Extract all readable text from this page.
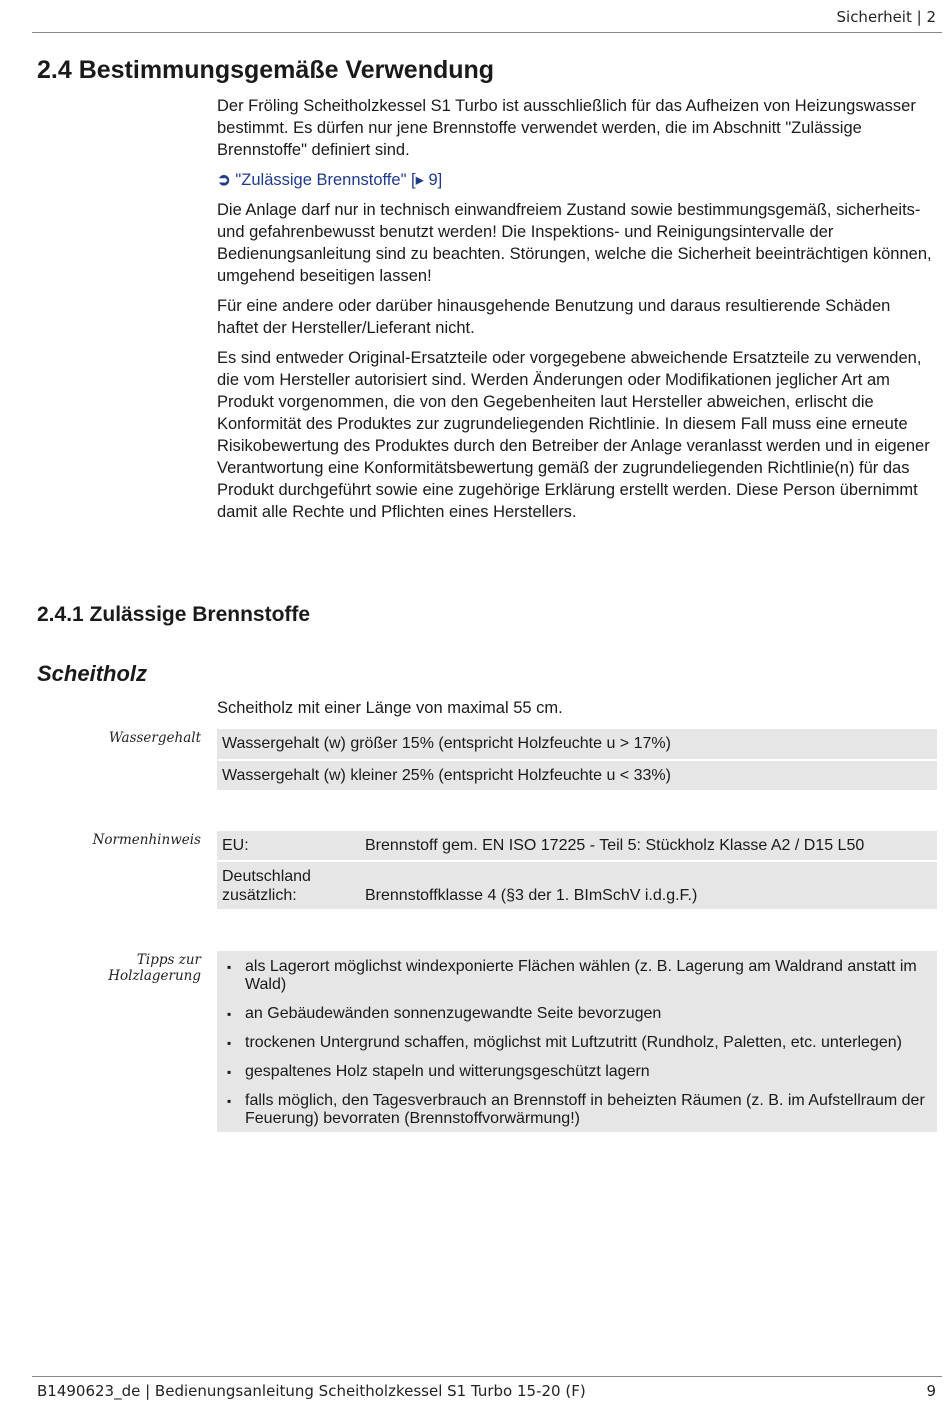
Sicherheit | 2
2.4 Bestimmungsgemäße Verwendung

Der Fröling Scheitholzkessel S1 Turbo ist ausschließlich für das Aufheizen von Heizungswasser bestimmt. Es dürfen nur jene Brennstoffe verwendet werden, die im Abschnitt "Zulässige Brennstoffe" definiert sind.

➲ "Zulässige Brennstoffe" [▸ 9]

Die Anlage darf nur in technisch einwandfreiem Zustand sowie bestimmungsgemäß, sicherheits- und gefahrenbewusst benutzt werden! Die Inspektions- und Reinigungsintervalle der Bedienungsanleitung sind zu beachten. Störungen, welche die Sicherheit beeinträchtigen können, umgehend beseitigen lassen!

Für eine andere oder darüber hinausgehende Benutzung und daraus resultierende Schäden haftet der Hersteller/Lieferant nicht.

Es sind entweder Original-Ersatzteile oder vorgegebene abweichende Ersatzteile zu verwenden, die vom Hersteller autorisiert sind. Werden Änderungen oder Modifikationen jeglicher Art am Produkt vorgenommen, die von den Gegebenheiten laut Hersteller abweichen, erlischt die Konformität des Produktes zur zugrundeliegenden Richtlinie. In diesem Fall muss eine erneute Risikobewertung des Produktes durch den Betreiber der Anlage veranlasst werden und in eigener Verantwortung eine Konformitätsbewertung gemäß der zugrundeliegenden Richtlinie(n) für das Produkt durchgeführt sowie eine zugehörige Erklärung erstellt werden. Diese Person übernimmt damit alle Rechte und Pflichten eines Herstellers.

2.4.1 Zulässige Brennstoffe
Scheitholz
Scheitholz mit einer Länge von maximal 55 cm.
Wassergehalt	Wassergehalt (w) größer 15% (entspricht Holzfeuchte u > 17%)
Wassergehalt (w) kleiner 25% (entspricht Holzfeuchte u < 33%)
Normenhinweis EU:	Brennstoff gem. EN ISO 17225 - Teil 5: Stückholz Klasse A2 / D15 L50
Deutschland zusätzlich:	Brennstoffklasse 4 (§3 der 1. BImSchV i.d.g.F.)
Tipps zur Holzlagerung
▪ als Lagerort möglichst windexponierte Flächen wählen (z. B. Lagerung am Waldrand anstatt im Wald)
▪ an Gebäudewänden sonnenzugewandte Seite bevorzugen
▪ trockenen Untergrund schaffen, möglichst mit Luftzutritt (Rundholz, Paletten, etc. unterlegen)
▪ gespaltenes Holz stapeln und witterungsgeschützt lagern
▪ falls möglich, den Tagesverbrauch an Brennstoff in beheizten Räumen (z. B. im Aufstellraum der Feuerung) bevorraten (Brennstoffvorwärmung!)
B1490623_de | Bedienungsanleitung Scheitholzkessel S1 Turbo 15-20 (F)	9
